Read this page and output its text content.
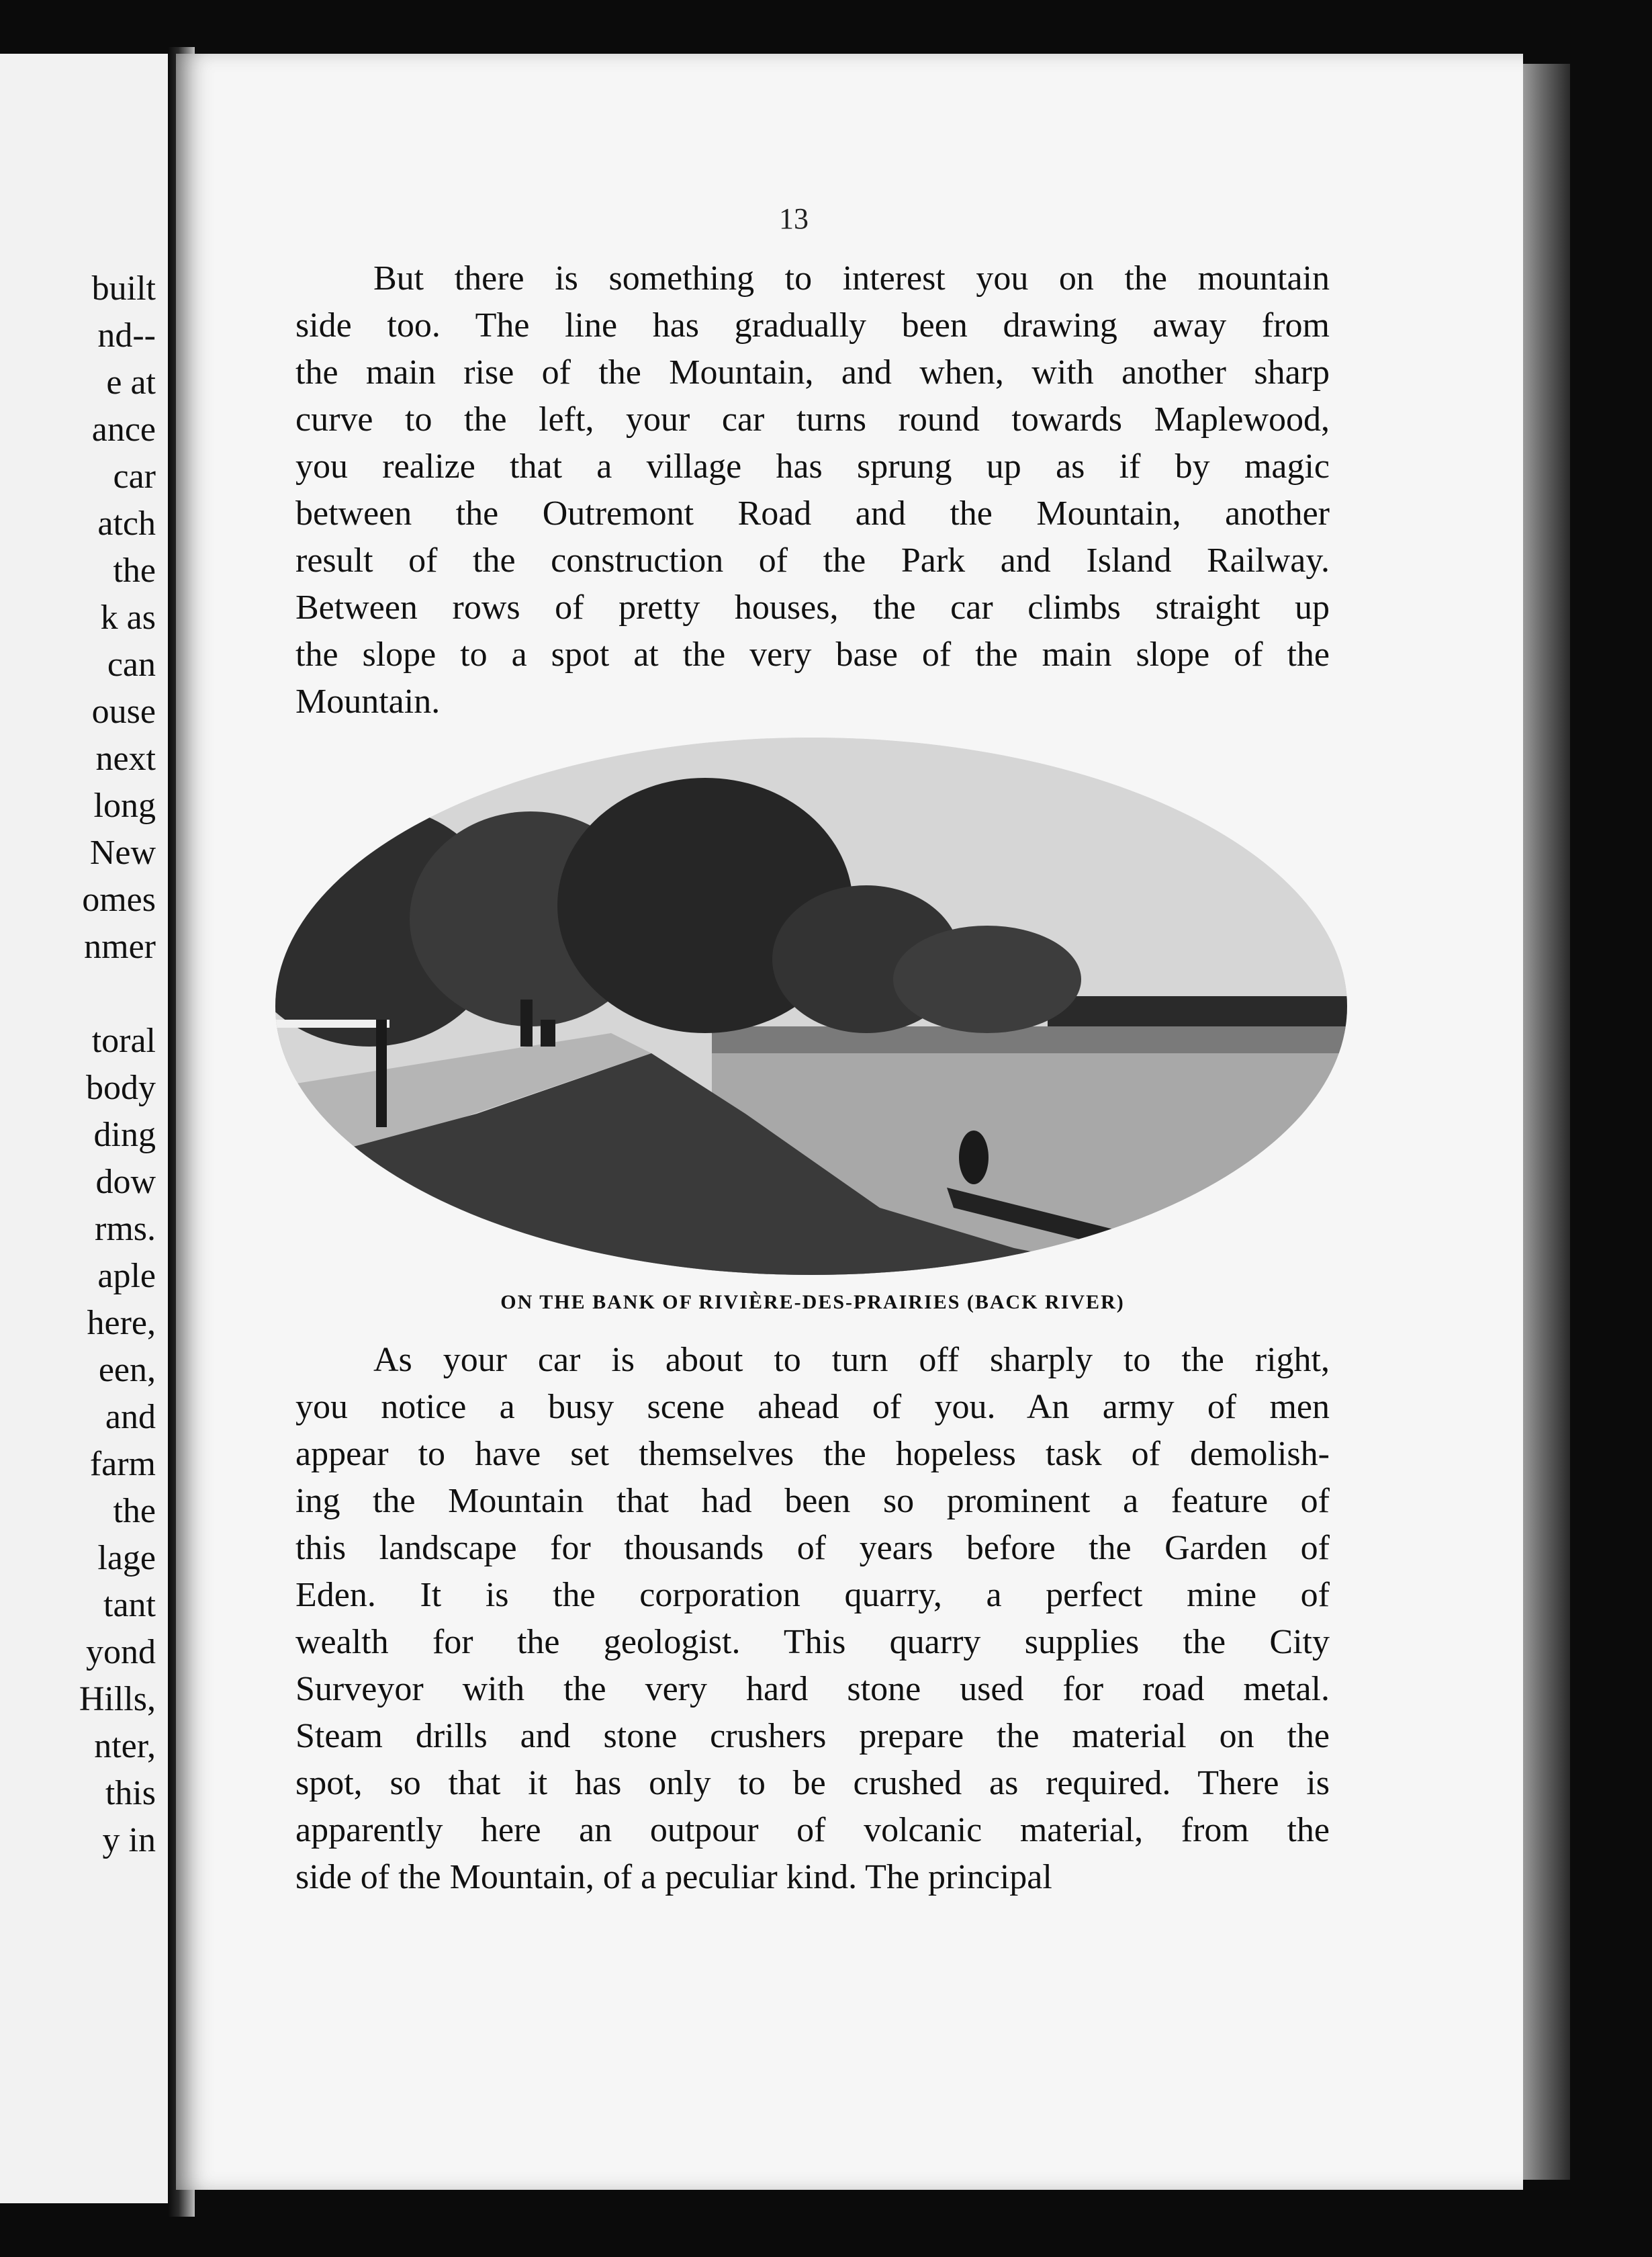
built
nd--
e at
ance
car
atch
the
k as
can
ouse
next
long
New
omes
nmer
toral
body
ding
dow
rms.
aple
here,
een,
and
farm
the
lage
tant
yond
Hills,
nter,
this
y in
13
But there is something to interest you on the mountain
side too. The line has gradually been drawing away from
the main rise of the Mountain, and when, with another sharp
curve to the left, your car turns round towards Maplewood,
you realize that a village has sprung up as if by magic
between the Outremont Road and the Mountain, another
result of the construction of the Park and Island Railway.
Between rows of pretty houses, the car climbs straight up
the slope to a spot at the very base of the main slope of the
Mountain.
ON THE BANK OF RIVIÈRE-DES-PRAIRIES (BACK RIVER)
As your car is about to turn off sharply to the right,
you notice a busy scene ahead of you. An army of men
appear to have set themselves the hopeless task of demolish-
ing the Mountain that had been so prominent a feature of
this landscape for thousands of years before the Garden of
Eden. It is the corporation quarry, a perfect mine of
wealth for the geologist. This quarry supplies the City
Surveyor with the very hard stone used for road metal.
Steam drills and stone crushers prepare the material on the
spot, so that it has only to be crushed as required. There is
apparently here an outpour of volcanic material, from the
side of the Mountain, of a peculiar kind. The principal
